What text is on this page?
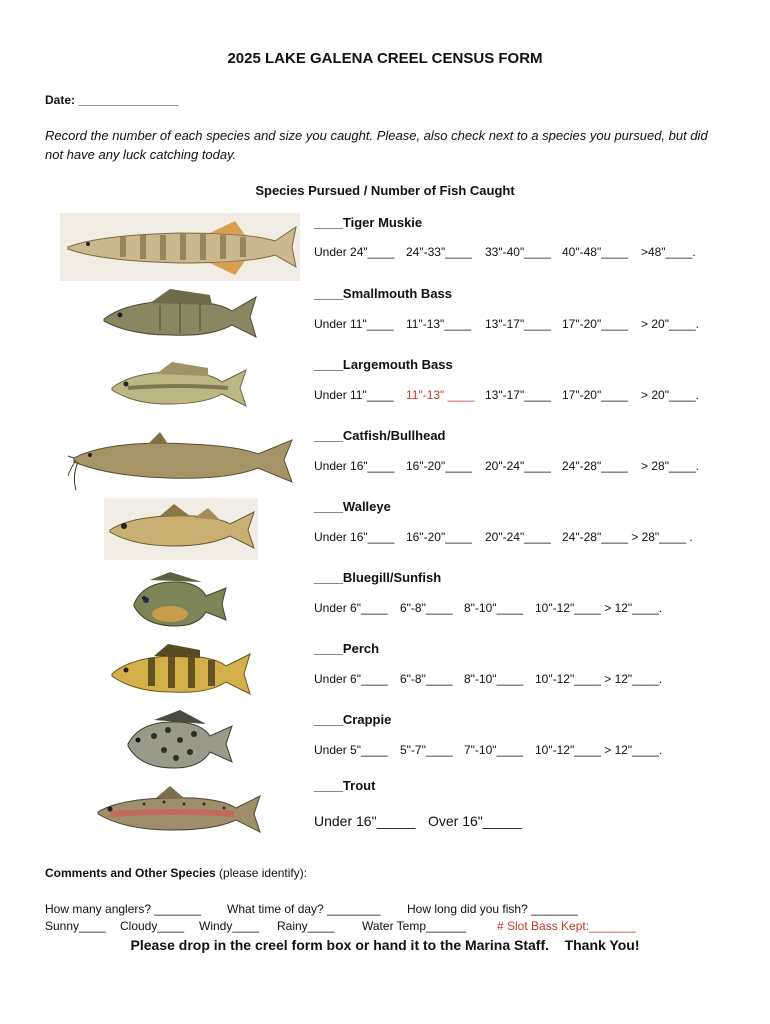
2025 LAKE GALENA CREEL CENSUS FORM
Date: _______________
Record the number of each species and size you caught. Please, also check next to a species you pursued, but did not have any luck catching today.
Species Pursued / Number of Fish Caught
____Tiger Muskie
Under 24"____ 24"-33"____ 33"-40"____ 40"-48"____ >48"____.
____Smallmouth Bass
Under 11"____ 11"-13"____ 13"-17"____ 17"-20"____ > 20"____.
____Largemouth Bass
Under 11"____ 11"-13" ____ 13"-17"____ 17"-20"____ > 20"____.
____Catfish/Bullhead
Under 16"____ 16"-20"____ 20"-24"____ 24"-28"____ > 28"____.
____Walleye
Under 16"____ 16"-20"____ 20"-24"____ 24"-28"____ > 28"____ .
____Bluegill/Sunfish
Under 6"____ 6"-8"____ 8"-10"____ 10"-12"____ > 12"____.
____Perch
Under 6"____ 6"-8"____ 8"-10"____ 10"-12"____ > 12"____.
____Crappie
Under 5"____ 5"-7"____ 7"-10"____ 10"-12"____ > 12"____.
____Trout
Under 16"_____ Over 16"_____
Comments and Other Species (please identify):
How many anglers? _______ What time of day? ________ How long did you fish? _______
Sunny____ Cloudy____ Windy____ Rainy____ Water Temp______	# Slot Bass Kept:_______
Please drop in the creel form box or hand it to the Marina Staff.    Thank You!
